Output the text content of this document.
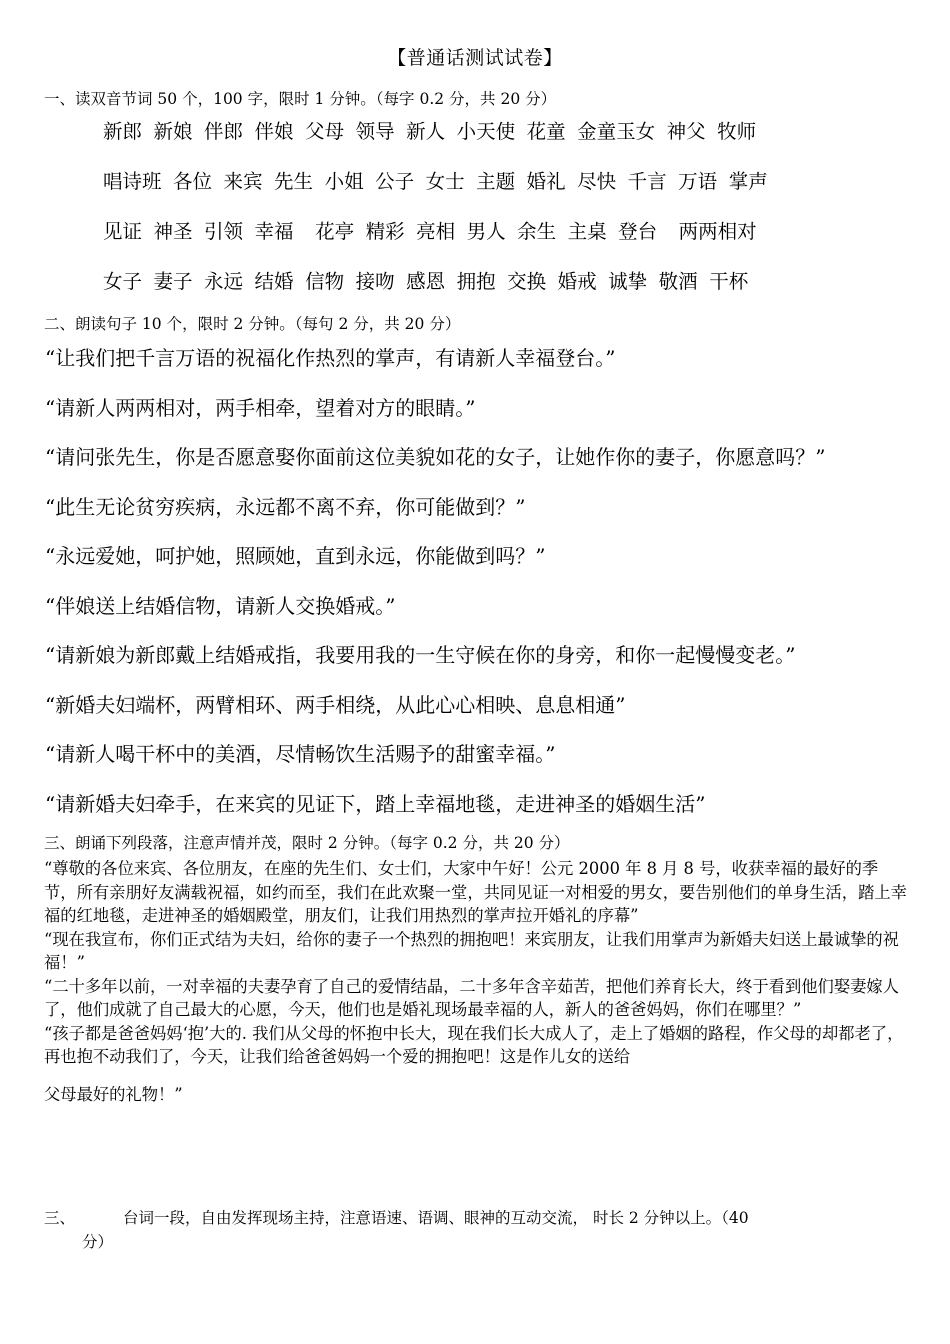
【普通话测试试卷】
一、读双音节词 50 个，100 字，限时 1 分钟。（每字 0.2 分，共 20 分）
新郎 新娘 伴郎 伴娘 父母 领导 新人 小天使 花童 金童玉女 神父 牧师
唱诗班 各位 来宾 先生 小姐 公子 女士 主题 婚礼 尽快 千言 万语 掌声
见证 神圣 引领 幸福 花亭 精彩 亮相 男人 余生 主桌 登台 两两相对
女子 妻子 永远 结婚 信物 接吻 感恩 拥抱 交换 婚戒 诚挚 敬酒 干杯
二、朗读句子 10 个，限时 2 分钟。（每句 2 分，共 20 分）
“让我们把千言万语的祝福化作热烈的掌声，有请新人幸福登台。”
“请新人两两相对，两手相牵，望着对方的眼睛。”
“请问张先生，你是否愿意娶你面前这位美貌如花的女子，让她作你的妻子，你愿意吗？”
“此生无论贫穷疾病，永远都不离不弃，你可能做到？”
“永远爱她，呵护她，照顾她，直到永远，你能做到吗？”
“伴娘送上结婚信物，请新人交换婚戒。”
“请新娘为新郎戴上结婚戒指，我要用我的一生守候在你的身旁，和你一起慢慢变老。”
“新婚夫妇端杯，两臂相环、两手相绕，从此心心相映、息息相通”
“请新人喝干杯中的美酒，尽情畅饮生活赐予的甜蜜幸福。”
“请新婚夫妇牵手，在来宾的见证下，踏上幸福地毯，走进神圣的婚姻生活”
三、朗诵下列段落，注意声情并茂，限时 2 分钟。（每字 0.2 分，共 20 分）

“尊敬的各位来宾、各位朋友，在座的先生们、女士们，大家中午好！公元 2000 年 8 月 8 号，收获幸福的最好的季节，所有亲朋好友满载祝福，如约而至，我们在此欢聚一堂，共同见证一对相爱的男女，要告别他们的单身生活，踏上幸福的红地毯，走进神圣的婚姻殿堂，朋友们，让我们用热烈的掌声拉开婚礼的序幕”

“现在我宣布，你们正式结为夫妇，给你的妻子一个热烈的拥抱吧！来宾朋友，让我们用掌声为新婚夫妇送上最诚挚的祝福！”

“二十多年以前，一对幸福的夫妻孕育了自己的爱情结晶，二十多年含辛茹苦，把他们养育长大，终于看到他们娶妻嫁人了，他们成就了自己最大的心愿，今天，他们也是婚礼现场最幸福的人，新人的爸爸妈妈，你们在哪里？”

“孩子都是爸爸妈妈‘抱’大的. 我们从父母的怀抱中长大，现在我们长大成人了，走上了婚姻的路程，作父母的却都老了，再也抱不动我们了，今天，让我们给爸爸妈妈一个爱的拥抱吧！这是作儿女的送给

父母最好的礼物！”

三、	台词一段，自由发挥现场主持，注意语速、语调、眼神的互动交流， 时长 2 分钟以上。（40
分）
